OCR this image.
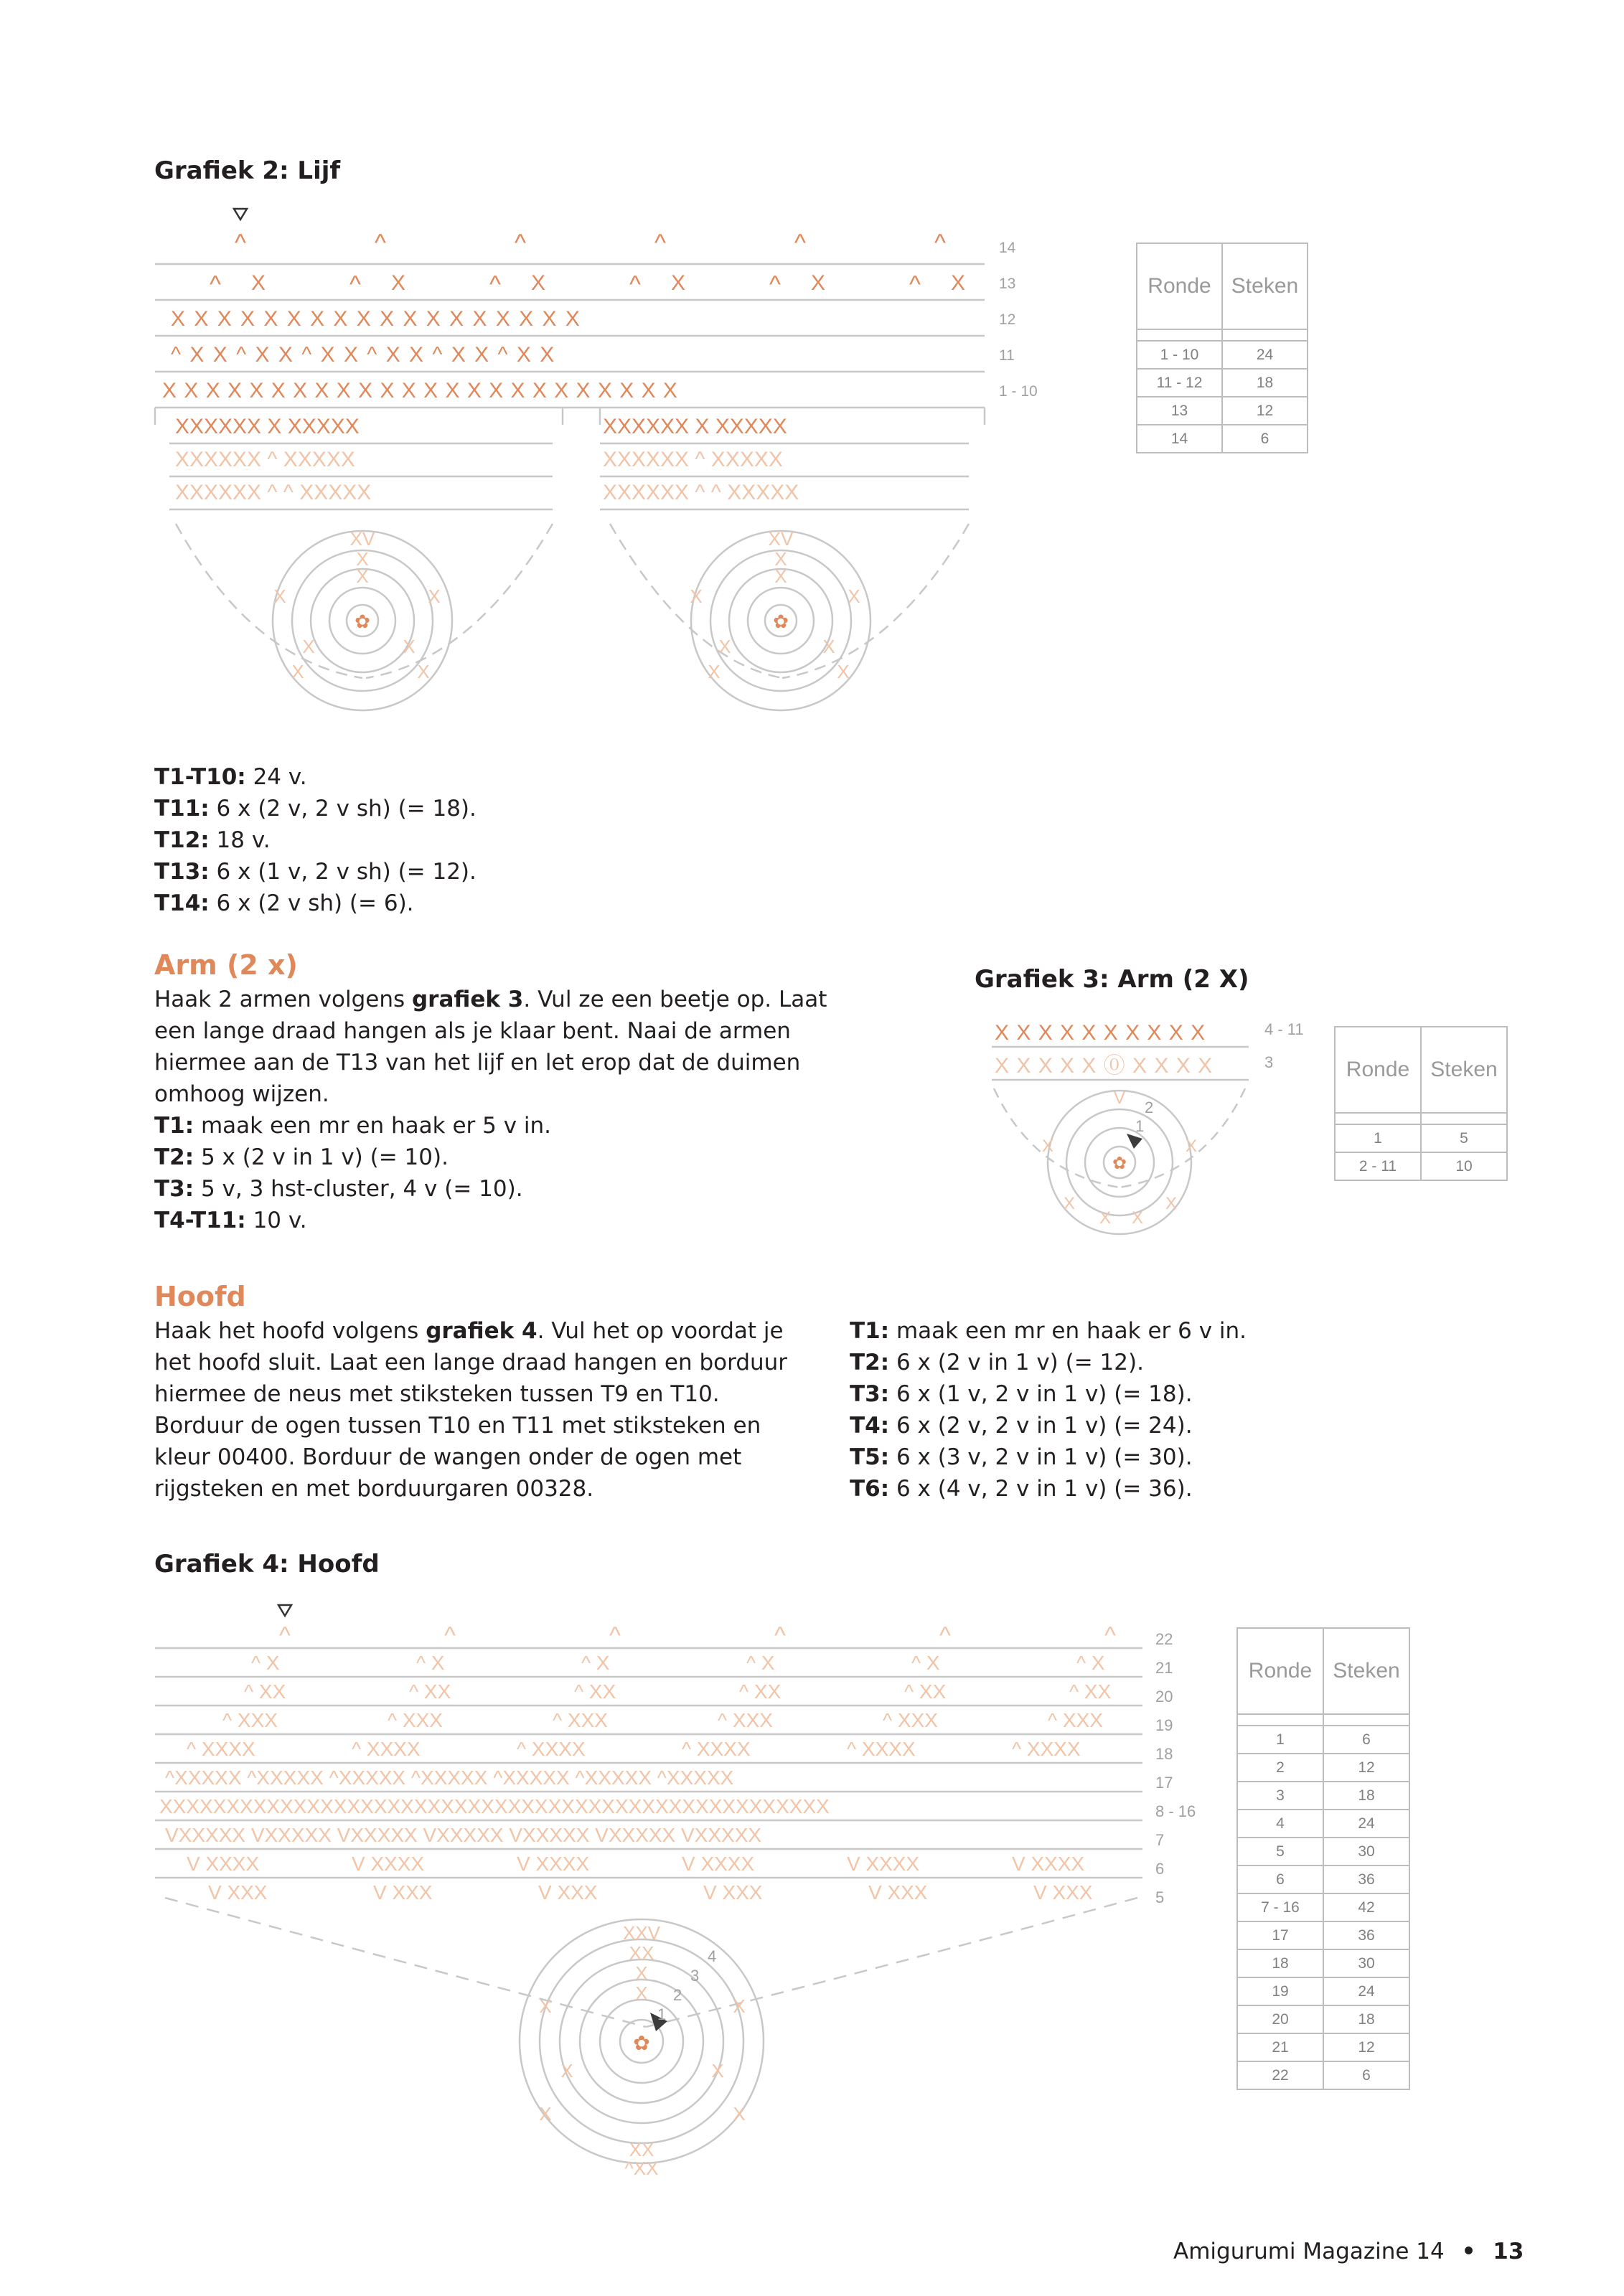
Grafiek 2: Lijf
^	^	^	^	^	^
^ X	^ X	^ X	^ X	^ X	^ X
X X X X X X X X X X X X X X X X X X
^ X X ^ X X ^ X X ^ X X ^ X X ^ X X
X X X X X X X X X X X X X X X X X X X X X X X X
XXXXXX X XXXXX	XXXXXX X XXXXX
XXXXXX ^ XXXXX	XXXXXX ^ XXXXX
XXXXXX ^ ^ XXXXX	XXXXXX ^ ^ XXXXX
XV
X
X
X	X
X	X
X	X
XV
X
X
X	X
X	X
X	X
✿	✿
14
13
12
11
1 - 10
Ronde	Steken

1 - 10	24
11 - 12	18
13	12
14	6

T1-T10: 24 v.

T11: 6 x (2 v, 2 v sh) (= 18).

T12: 18 v.

T13: 6 x (1 v, 2 v sh) (= 12).

T14: 6 x (2 v sh) (= 6).

Arm (2 x)

Haak 2 armen volgens grafiek 3. Vul ze een beetje op. Laat een lange draad hangen als je klaar bent. Naai de armen hiermee aan de T13 van het lijf en let erop dat de duimen omhoog wijzen.

T1: maak een mr en haak er 5 v in.

T2: 5 x (2 v in 1 v) (= 10).

T3: 5 v, 3 hst-cluster, 4 v (= 10).

T4-T11: 10 v.

Grafiek 3: Arm (2 X)
X X X X X X X X X X
X X X X X ⓪ X X X X
✿
V
X	X
X	X
X X
4 - 11
3
2
1
Ronde	Steken

1	5
2 - 11	10
Hoofd

Haak het hoofd volgens grafiek 4. Vul het op voordat je het hoofd sluit. Laat een lange draad hangen en borduur hiermee de neus met stiksteken tussen T9 en T10. Borduur de ogen tussen T10 en T11 met stiksteken en kleur 00400. Borduur de wangen onder de ogen met rijgsteken en met borduurgaren 00328.

T1: maak een mr en haak er 6 v in.

T2: 6 x (2 v in 1 v) (= 12).

T3: 6 x (1 v, 2 v in 1 v) (= 18).

T4: 6 x (2 v, 2 v in 1 v) (= 24).

T5: 6 x (3 v, 2 v in 1 v) (= 30).

T6: 6 x (4 v, 2 v in 1 v) (= 36).

Grafiek 4: Hoofd
^	^	^	^	^	^
^ X	^ X	^ X	^ X	^ X	^ X
^ XX	^ XX	^ XX	^ XX	^ XX	^ XX
^ XXX	^ XXX	^ XXX	^ XXX	^ XXX	^ XXX
^ XXXX	^ XXXX	^ XXXX	^ XXXX	^ XXXX	^ XXXX
^XXXXX ^XXXXX ^XXXXX ^XXXXX ^XXXXX ^XXXXX ^XXXXX
XXXXXXXXXXXXXXXXXXXXXXXXXXXXXXXXXXXXXXXXXXXXXXXXXX
VXXXXX VXXXXX VXXXXX VXXXXX VXXXXX VXXXXX VXXXXX
V XXXX	V XXXX	V XXXX	V XXXX	V XXXX	V XXXX
V XXX	V XXX	V XXX	V XXX	V XXX	V XXX
XXV
XX
X
X
X	X
X	X
X	X
XX
^XX
✿
22
21
20
19
18
17
8 - 16
7
6
5
4
3
2
1
Ronde	Steken

1	6
2	12
3	18
4	24
5	30
6	36
7 - 16	42
17	36
18	30
19	24
20	18
21	12
22	6
Amigurumi Magazine 14 • 13
